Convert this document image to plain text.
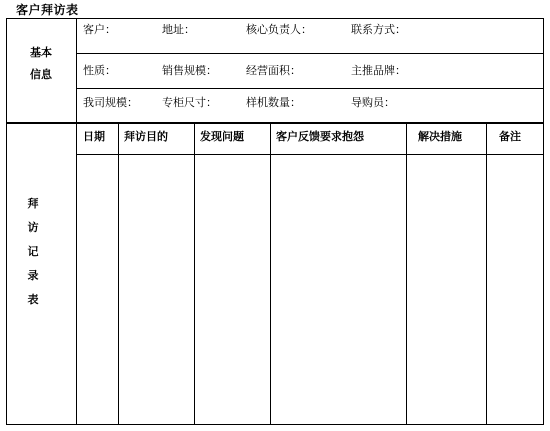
客户拜访表
基本
信息
客户：	地址：	核心负责人：	联系方式：
性质：	销售规模：	经营面积：	主推品牌：
我司规模： 专柜尺寸：	样机数量：	导购员：
日期 拜访目的	发现问题	客户反馈要求抱怨	解决措施	备注
拜
访
记
录
表
